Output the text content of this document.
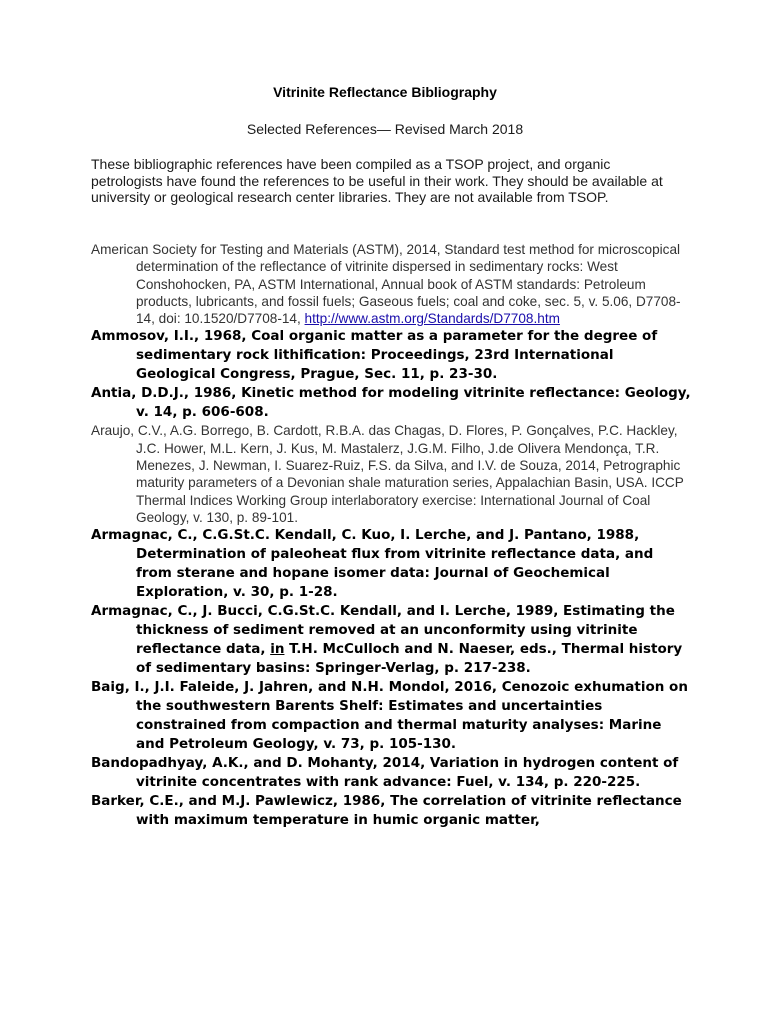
Vitrinite Reflectance Bibliography
Selected References— Revised March 2018
These bibliographic references have been compiled as a TSOP project, and organic petrologists have found the references to be useful in their work. They should be available at university or geological research center libraries. They are not available from TSOP.

American Society for Testing and Materials (ASTM), 2014, Standard test method for microscopical determination of the reflectance of vitrinite dispersed in sedimentary rocks: West Conshohocken, PA, ASTM International, Annual book of ASTM standards: Petroleum products, lubricants, and fossil fuels; Gaseous fuels; coal and coke, sec. 5, v. 5.06, D7708-14, doi: 10.1520/D7708-14, http://www.astm.org/Standards/D7708.htm

Ammosov, I.I., 1968, Coal organic matter as a parameter for the degree of sedimentary rock lithification: Proceedings, 23rd International Geological Congress, Prague, Sec. 11, p. 23-30.

Antia, D.D.J., 1986, Kinetic method for modeling vitrinite reflectance: Geology, v. 14, p. 606-608.

Araujo, C.V., A.G. Borrego, B. Cardott, R.B.A. das Chagas, D. Flores, P. Gonçalves, P.C. Hackley, J.C. Hower, M.L. Kern, J. Kus, M. Mastalerz, J.G.M. Filho, J.de Olivera Mendonça, T.R. Menezes, J. Newman, I. Suarez-Ruiz, F.S. da Silva, and I.V. de Souza, 2014, Petrographic maturity parameters of a Devonian shale maturation series, Appalachian Basin, USA. ICCP Thermal Indices Working Group interlaboratory exercise: International Journal of Coal Geology, v. 130, p. 89-101.

Armagnac, C., C.G.St.C. Kendall, C. Kuo, I. Lerche, and J. Pantano, 1988, Determination of paleoheat flux from vitrinite reflectance data, and from sterane and hopane isomer data: Journal of Geochemical Exploration, v. 30, p. 1-28.

Armagnac, C., J. Bucci, C.G.St.C. Kendall, and I. Lerche, 1989, Estimating the thickness of sediment removed at an unconformity using vitrinite reflectance data, in T.H. McCulloch and N. Naeser, eds., Thermal history of sedimentary basins: Springer-Verlag, p. 217-238.

Baig, I., J.I. Faleide, J. Jahren, and N.H. Mondol, 2016, Cenozoic exhumation on the southwestern Barents Shelf: Estimates and uncertainties constrained from compaction and thermal maturity analyses: Marine and Petroleum Geology, v. 73, p. 105-130.

Bandopadhyay, A.K., and D. Mohanty, 2014, Variation in hydrogen content of vitrinite concentrates with rank advance: Fuel, v. 134, p. 220-225.

Barker, C.E., and M.J. Pawlewicz, 1986, The correlation of vitrinite reflectance with maximum temperature in humic organic matter,
